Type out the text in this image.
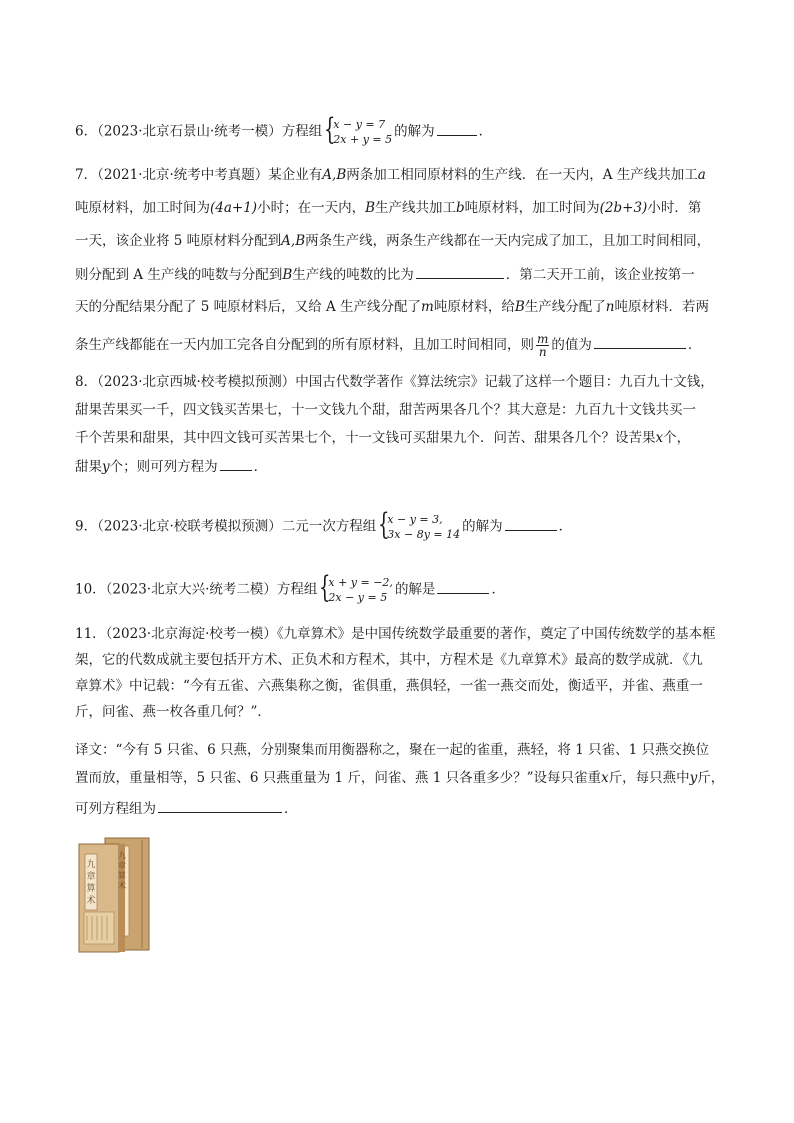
6．（2023·北京石景山·统考一模）方程组 {
x − y = 7
2x + y = 5 的解为	．
7．（2021·北京·统考中考真题）某企业有A,B两条加工相同原材料的生产线．在一天内，A 生产线共加工a
吨原材料，加工时间为(4a+1)小时；在一天内，B生产线共加工b吨原材料，加工时间为(2b+3)小时．第
一天，该企业将 5 吨原材料分配到A,B两条生产线，两条生产线都在一天内完成了加工，且加工时间相同，
则分配到 A 生产线的吨数与分配到B生产线的吨数的比为	．第二天开工前，该企业按第一
天的分配结果分配了 5 吨原材料后，又给 A 生产线分配了m吨原材料，给B生产线分配了n吨原材料．若两
条生产线都能在一天内加工完各自分配到的所有原材料，且加工时间相同，则 $\frac{m}{n}$ 的值为	．
8．（2023·北京西城·校考模拟预测）中国古代数学著作《算法统宗》记载了这样一个题目：九百九十文钱，
甜果苦果买一千，四文钱买苦果七，十一文钱九个甜，甜苦两果各几个？其大意是：九百九十文钱共买一
千个苦果和甜果，其中四文钱可买苦果七个，十一文钱可买甜果九个．问苦、甜果各几个？设苦果x个，
甜果y个；则可列方程为	．
9．（2023·北京·校联考模拟预测）二元一次方程组 {
x − y = 3,
3x − 8y = 14 的解为	．
10．（2023·北京大兴·统考二模）方程组 {
x + y = −2,
2x − y = 5 的解是	．
11．（2023·北京海淀·校考一模）《九章算术》是中国传统数学最重要的著作，奠定了中国传统数学的基本框
架，它的代数成就主要包括开方术、正负术和方程术，其中，方程术是《九章算术》最高的数学成就．《九
章算术》中记载：“今有五雀、六燕集称之衡，雀俱重，燕俱轻，一雀一燕交而处，衡适平，并雀、燕重一
斤，问雀、燕一枚各重几何？”．
译文：“今有 5 只雀、6 只燕，分别聚集而用衡器称之，聚在一起的雀重，燕轻，将 1 只雀、1 只燕交换位
置而放，重量相等，5 只雀、6 只燕重量为 1 斤，问雀、燕 1 只各重多少？”设每只雀重x斤，每只燕中y斤，
可列方程组为	．
九
章
算
术
九
章
算
术
